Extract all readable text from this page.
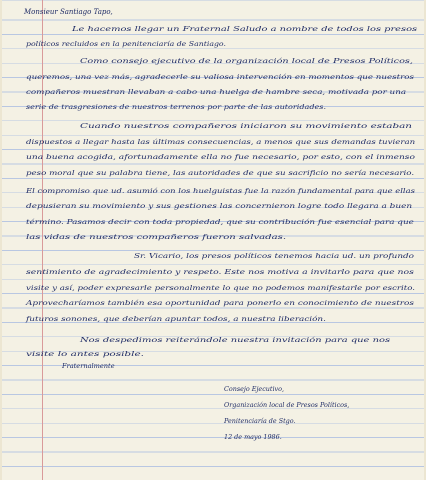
Monsieur Santiago Tapo,
Le hacemos llegar un Fraternal Saludo a nombre de todos los presos
políticos recluidos en la penitenciaría de Santiago.
Como consejo ejecutivo de la organización local de Presos Políticos,
queremos, una vez más, agradecerle su valiosa intervención en momentos que nuestros
compañeros muestran llevaban a cabo una huelga de hambre seca, motivada por una
serie de trasgresiones de nuestros terrenos por parte de las autoridades.
Cuando nuestros compañeros iniciaron su movimiento estaban
dispuestos a llegar hasta las últimas consecuencias, a menos que sus demandas tuvieran
una buena acogida, afortunadamente ella no fue necesario, por esto, con el inmenso
peso moral que su palabra tiene, las autoridades de que su sacrificio no sería necesario.
El compromiso que ud. asumió con los huelguistas fue la razón fundamental para que ellas
depusieran su movimiento y sus gestiones las concernieron logre todo llegara a buen
término. Pasamos decir con toda propiedad, que su contribución fue esencial para que
las vidas de nuestros compañeros fueron salvadas.
Sr. Vicario, los presos políticos tenemos hacia ud. un profundo
sentimiento de agradecimiento y respeto. Este nos motiva a invitarlo para que nos
visite y así, poder expresarle personalmente lo que no podemos manifestarle por escrito.
Aprovecharíamos también esa oportunidad para ponerlo en conocimiento de nuestros
futuros sonones, que deberían apuntar todos, a nuestra liberación.
Nos despedimos reiterándole nuestra invitación para que nos
visite lo antes posible.
Fraternalmente
Consejo Ejecutivo,
Organización local de Presos Políticos,
Penitenciaría de Stgo.
12 de mayo 1986.
